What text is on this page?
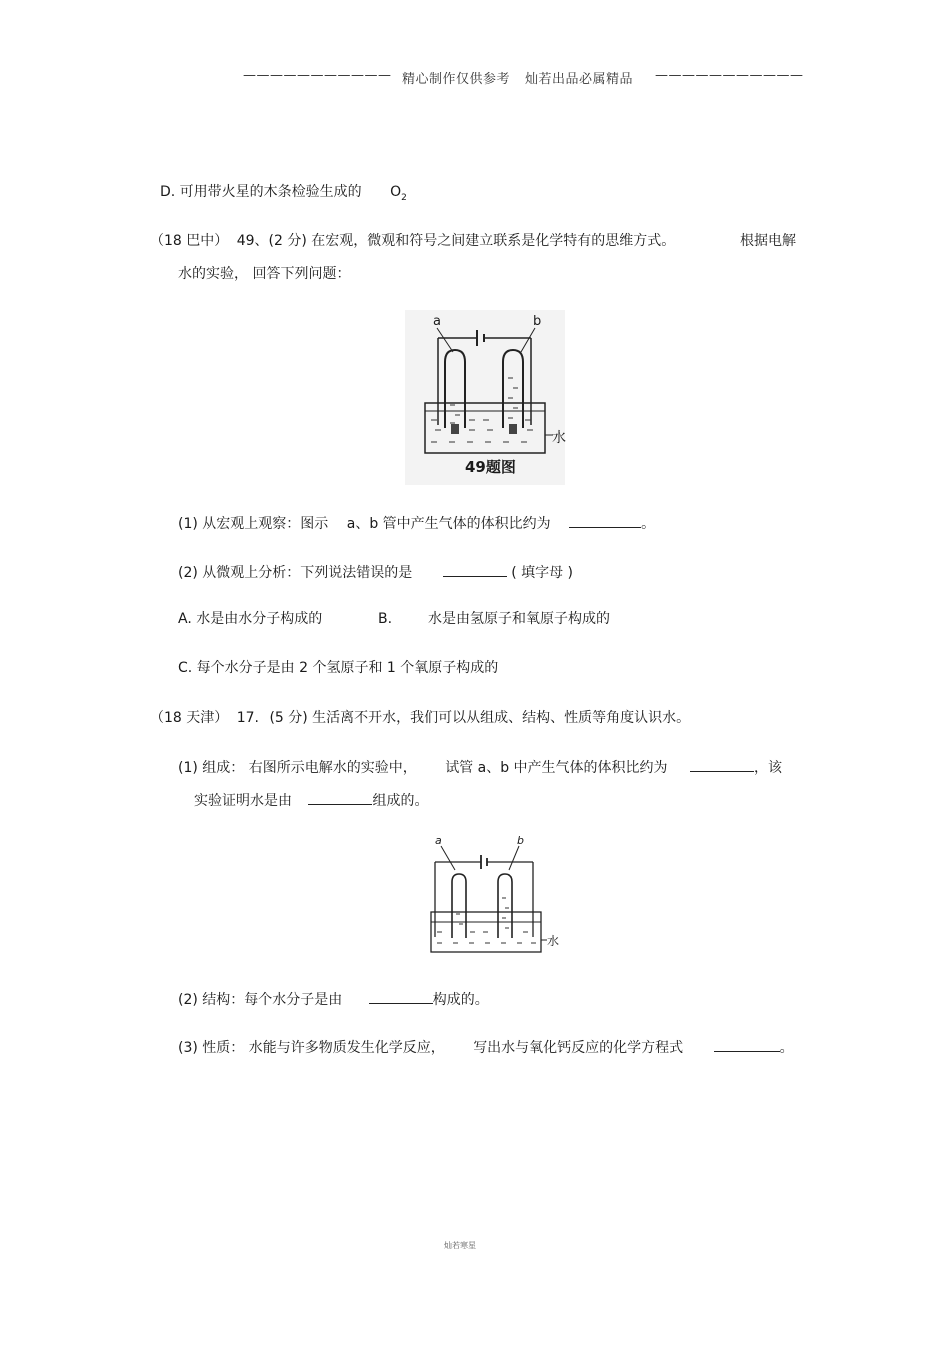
——————————— 精心制作仅供参考 灿若出品必属精品 ———————————
D. 可用带火星的木条检验生成的 $O_2$
（18 巴中） 49、(2 分) 在宏观，微观和符号之间建立联系是化学特有的思维方式。	根据电解
水的实验， 回答下列问题：
a	b
水
49题图
(1) 从宏观上观察：图示 a、b 管中产生气体的体积比约为	。
(2) 从微观上分析：下列说法错误的是	( 填字母 )
A. 水是由水分子构成的	B.	水是由氢原子和氧原子构成的
C. 每个水分子是由 2 个氢原子和 1 个氧原子构成的
（18 天津） 17. (5 分) 生活离不开水，我们可以从组成、结构、性质等角度认识水。
(1) 组成： 右图所示电解水的实验中， 试管 a、b 中产生气体的体积比约为	，该
实验证明水是由	组成的。
a	b
水
(2) 结构：每个水分子是由	构成的。
(3) 性质： 水能与许多物质发生化学反应， 写出水与氧化钙反应的化学方程式	。
灿若寒星
